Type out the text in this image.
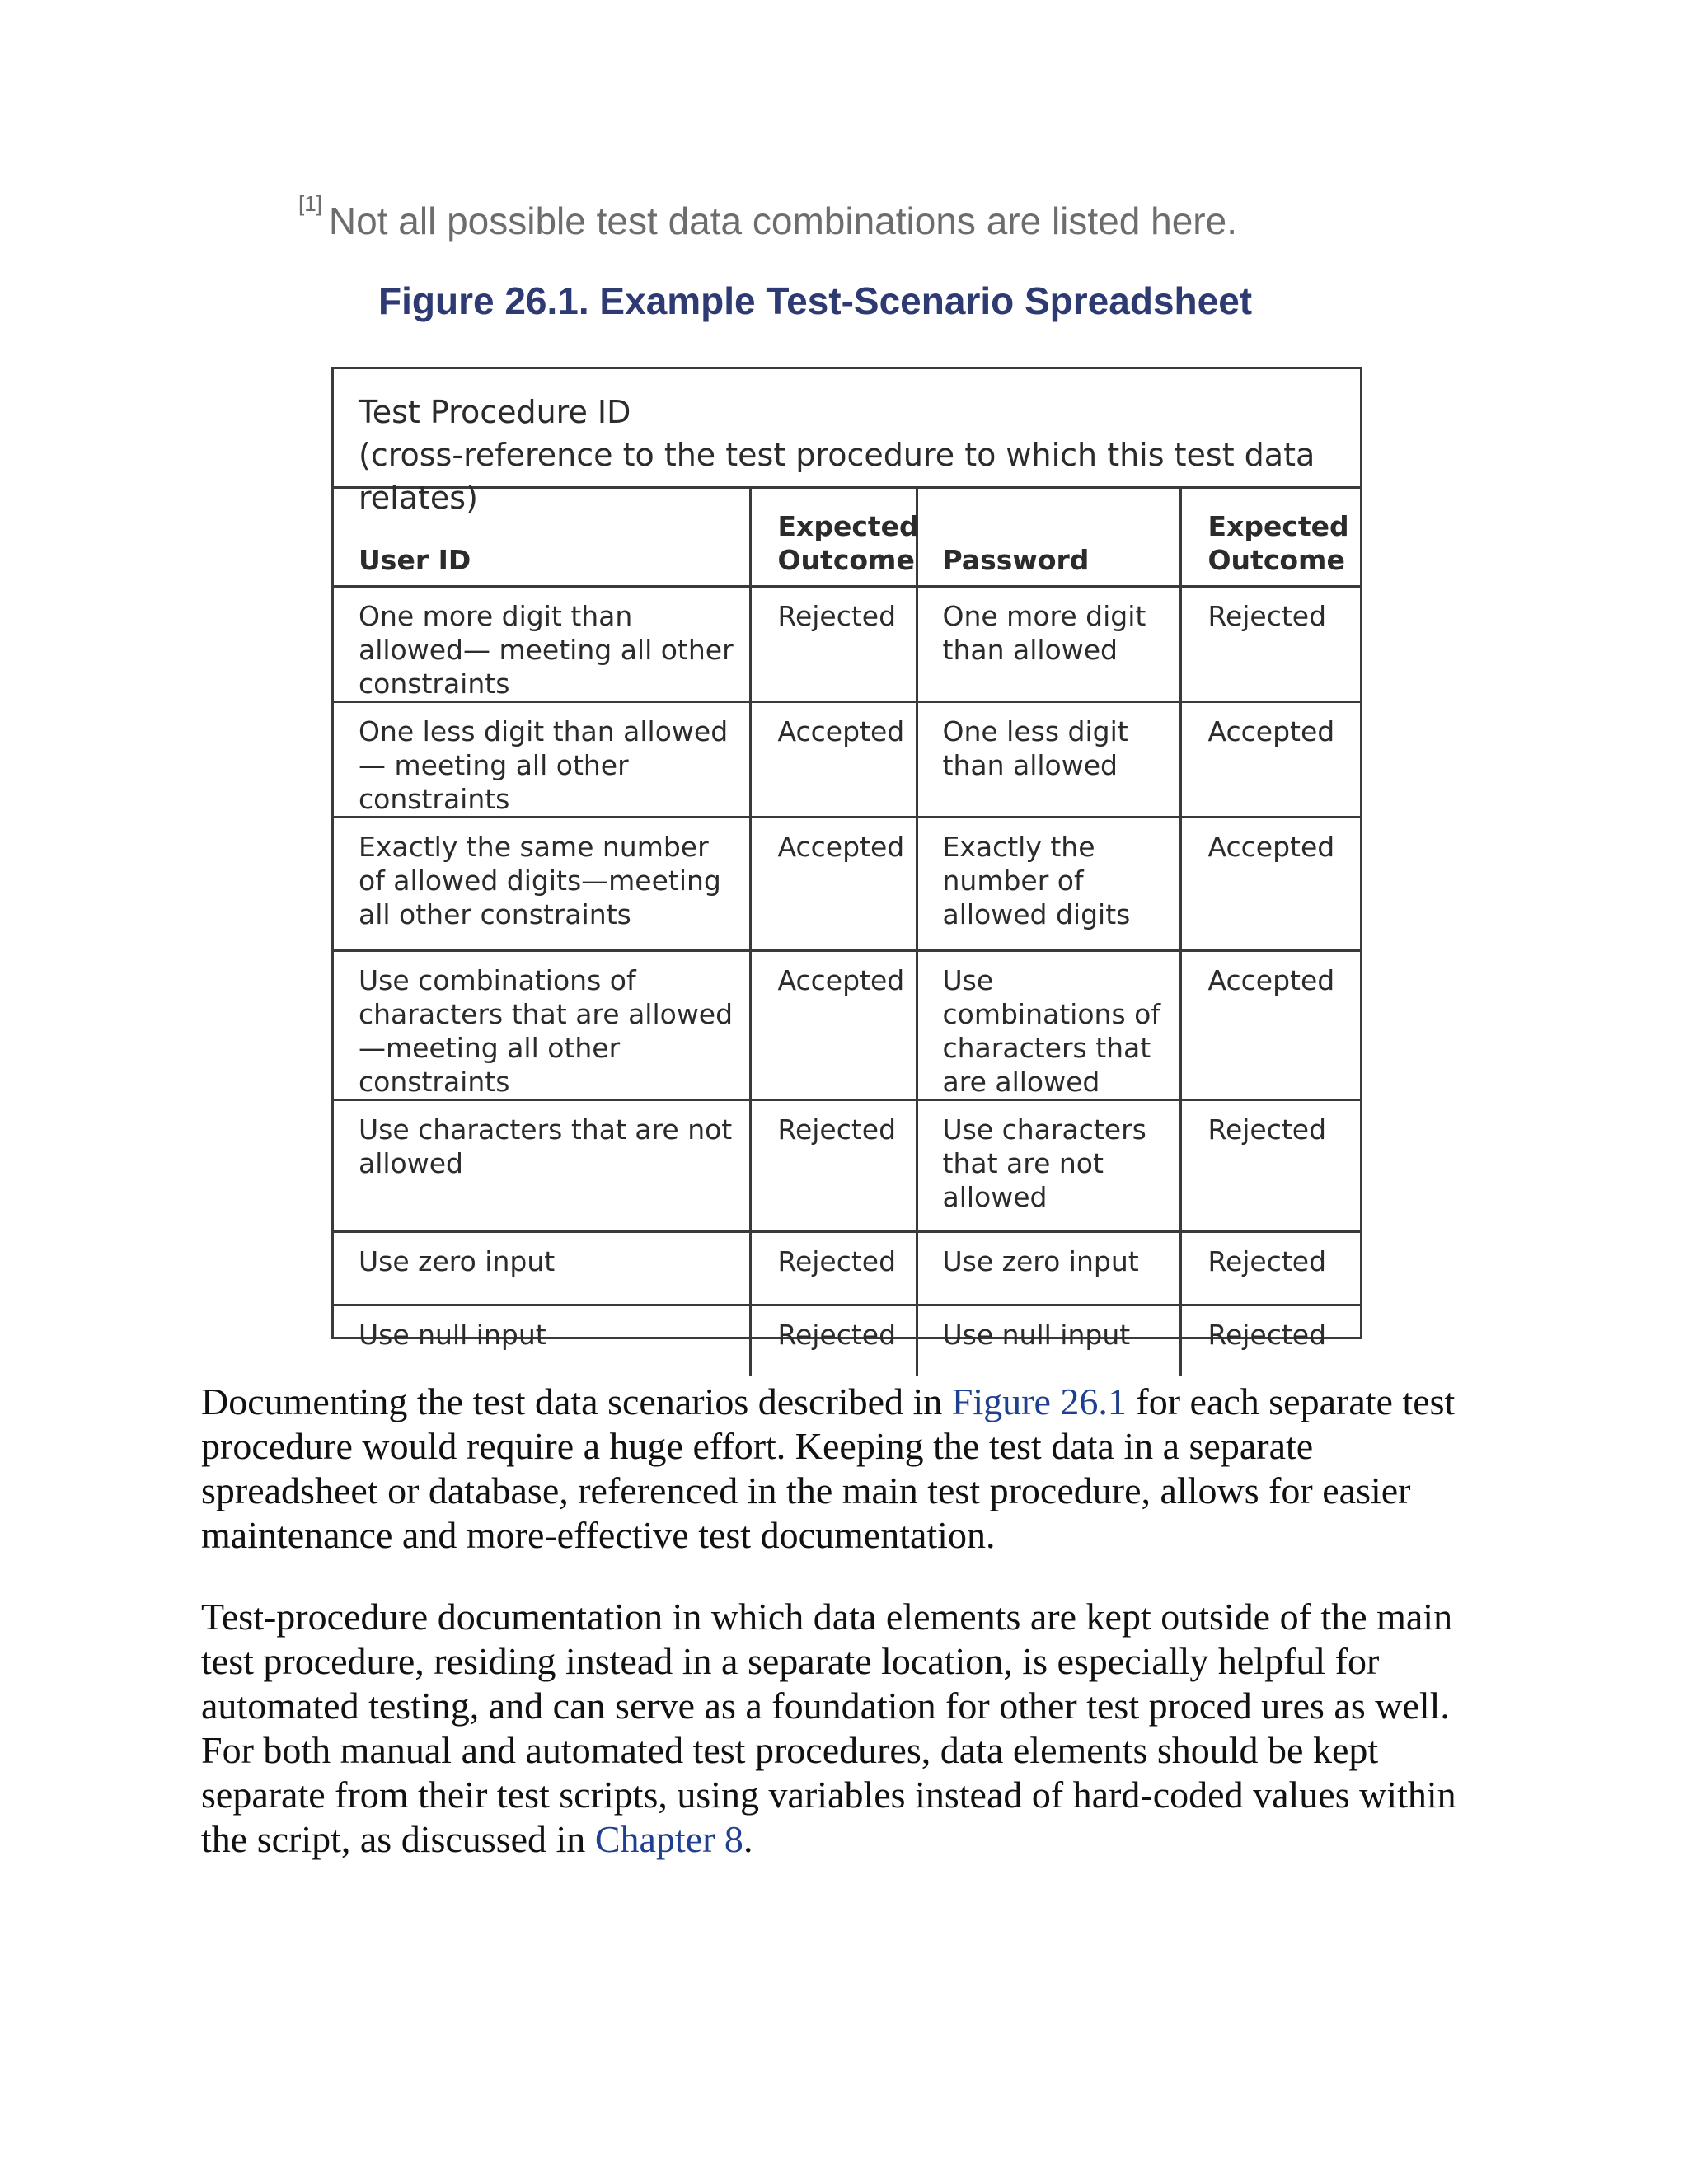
[1] Not all possible test data combinations are listed here.
Figure 26.1. Example Test-Scenario Spreadsheet
Test Procedure ID
(cross-reference to the test procedure to which this test data relates)
User ID	Expected Outcome	Password	Expected Outcome
One more digit than allowed— meeting all other constraints	Rejected	One more digit than allowed	Rejected
One less digit than allowed— meeting all other constraints	Accepted	One less digit than allowed	Accepted
Exactly the same number of allowed digits—meeting all other constraints	Accepted	Exactly the number of allowed digits	Accepted
Use combinations of characters that are allowed—meeting all other constraints	Accepted	Use combinations of characters that are allowed	Accepted
Use characters that are not allowed	Rejected	Use characters that are not allowed	Rejected
Use zero input	Rejected	Use zero input	Rejected
Use null input	Rejected	Use null input	Rejected

Documenting the test data scenarios described in Figure 26.1 for each separate test procedure would require a huge effort. Keeping the test data in a separate spreadsheet or database, referenced in the main test procedure, allows for easier maintenance and more-effective test documentation.

Test-procedure documentation in which data elements are kept outside of the main test procedure, residing instead in a separate location, is especially helpful for automated testing, and can serve as a foundation for other test proced ures as well. For both manual and automated test procedures, data elements should be kept separate from their test scripts, using variables instead of hard-coded values within the script, as discussed in Chapter 8.
